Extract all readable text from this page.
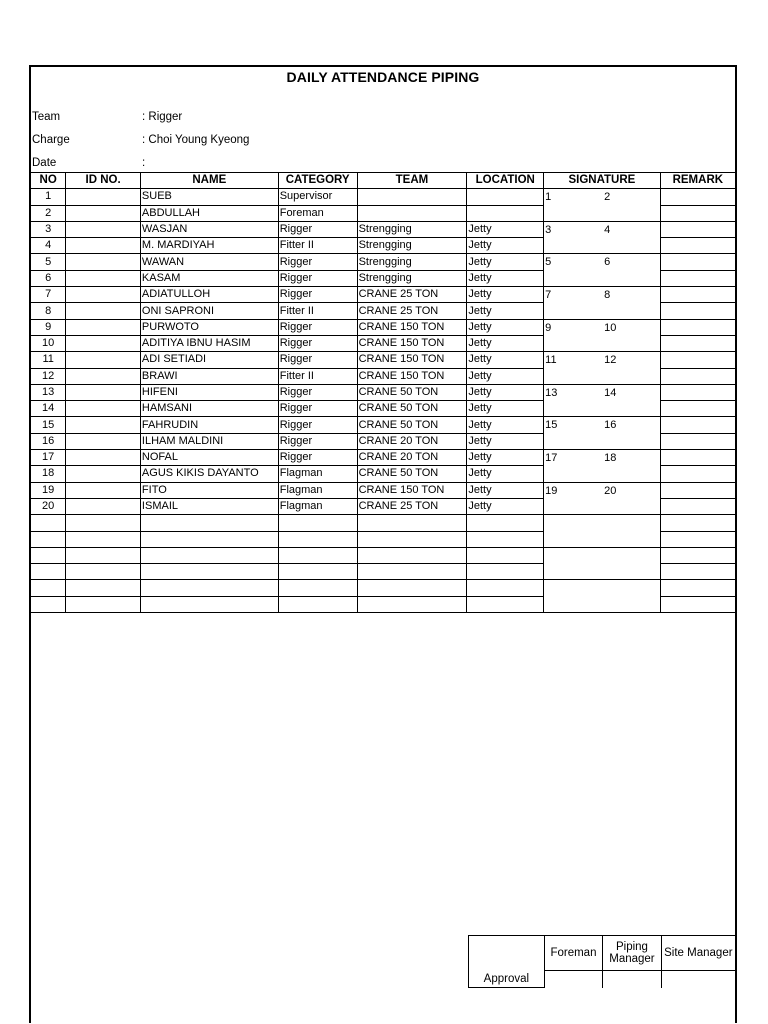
DAILY ATTENDANCE PIPING
Team	: Rigger
Charge	: Choi Young Kyeong
Date	:
NO	ID NO.	NAME	CATEGORY	TEAM	LOCATION	SIGNATURE	REMARK
1		SUEB	Supervisor			1 2	

2		ABDULLAH	Foreman				
3		WASJAN	Rigger	Strengging	Jetty	3 4	

4		M. MARDIYAH	Fitter II	Strengging	Jetty		
5		WAWAN	Rigger	Strengging	Jetty	5 6	

6		KASAM	Rigger	Strengging	Jetty		
7		ADIATULLOH	Rigger	CRANE 25 TON	Jetty	7 8	

8		ONI SAPRONI	Fitter II	CRANE 25 TON	Jetty		
9		PURWOTO	Rigger	CRANE 150 TON	Jetty	9 10	

10		ADITIYA IBNU HASIM	Rigger	CRANE 150 TON	Jetty		
11		ADI SETIADI	Rigger	CRANE 150 TON	Jetty	11 12	

12		BRAWI	Fitter II	CRANE 150 TON	Jetty		
13		HIFENI	Rigger	CRANE 50 TON	Jetty	13 14	

14		HAMSANI	Rigger	CRANE 50 TON	Jetty		
15		FAHRUDIN	Rigger	CRANE 50 TON	Jetty	15 16	

16		ILHAM MALDINI	Rigger	CRANE 20 TON	Jetty		
17		NOFAL	Rigger	CRANE 20 TON	Jetty	17 18	

18		AGUS KIKIS DAYANTO	Flagman	CRANE 50 TON	Jetty		
19		FITO	Flagman	CRANE 150 TON	Jetty	19 20	

20		ISMAIL	Flagman	CRANE 25 TON	Jetty		

Approval	Foreman	Piping Manager	Site Manager
